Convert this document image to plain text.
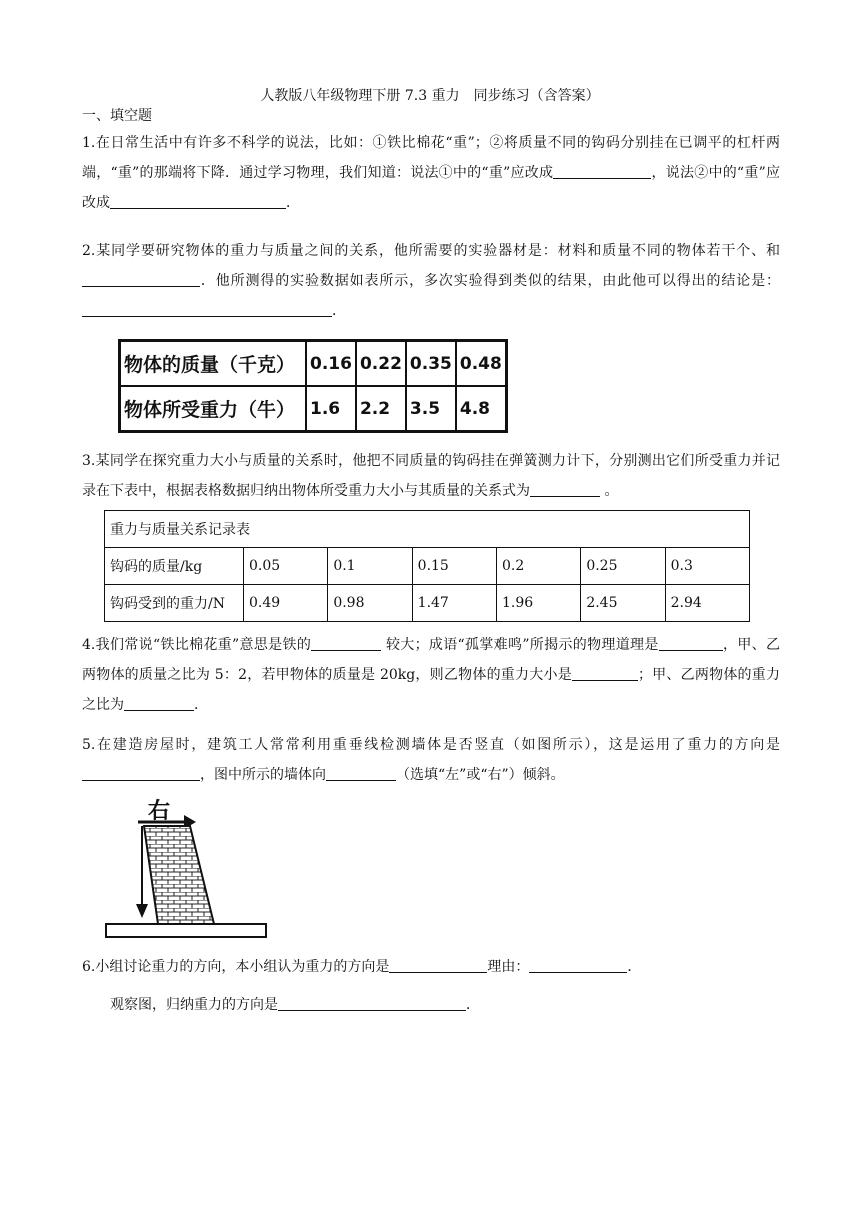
人教版八年级物理下册 7.3 重力　同步练习（含答案）
一、填空题
1.在日常生活中有许多不科学的说法，比如：①铁比棉花“重”；②将质量不同的钩码分别挂在已调平的杠杆两端，“重”的那端将下降．通过学习物理，我们知道：说法①中的“重”应改成	，说法②中的“重”应改成	．
2.某同学要研究物体的重力与质量之间的关系，他所需要的实验器材是：材料和质量不同的物体若干个、和．他所测得的实验数据如表所示，多次实验得到类似的结果，由此他可以得出的结论是：．
物体的质量（千克）	0.16	0.22	0.35	0.48
物体所受重力（牛）	1.6	2.2	3.5	4.8
3.某同学在探究重力大小与质量的关系时，他把不同质量的钩码挂在弹簧测力计下，分别测出它们所受重力并记录在下表中，根据表格数据归纳出物体所受重力大小与其质量的关系式为	。
重力与质量关系记录表						
钩码的质量/kg	0.05	0.1	0.15	0.2	0.25	0.3
钩码受到的重力/N	0.49	0.98	1.47	1.96	2.45	2.94
4.我们常说“铁比棉花重”意思是铁的	较大；成语“孤掌难鸣”所揭示的物理道理是	，甲、乙两物体的质量之比为 5：2，若甲物体的质量是 20kg，则乙物体的重力大小是	；甲、乙两物体的重力之比为	．
5.在建造房屋时，建筑工人常常利用重垂线检测墙体是否竖直（如图所示），这是运用了重力的方向是，图中所示的墙体向	（选填“左”或“右”）倾斜。
右
6.小组讨论重力的方向，本小组认为重力的方向是	理由：	．
观察图，归纳重力的方向是	．
